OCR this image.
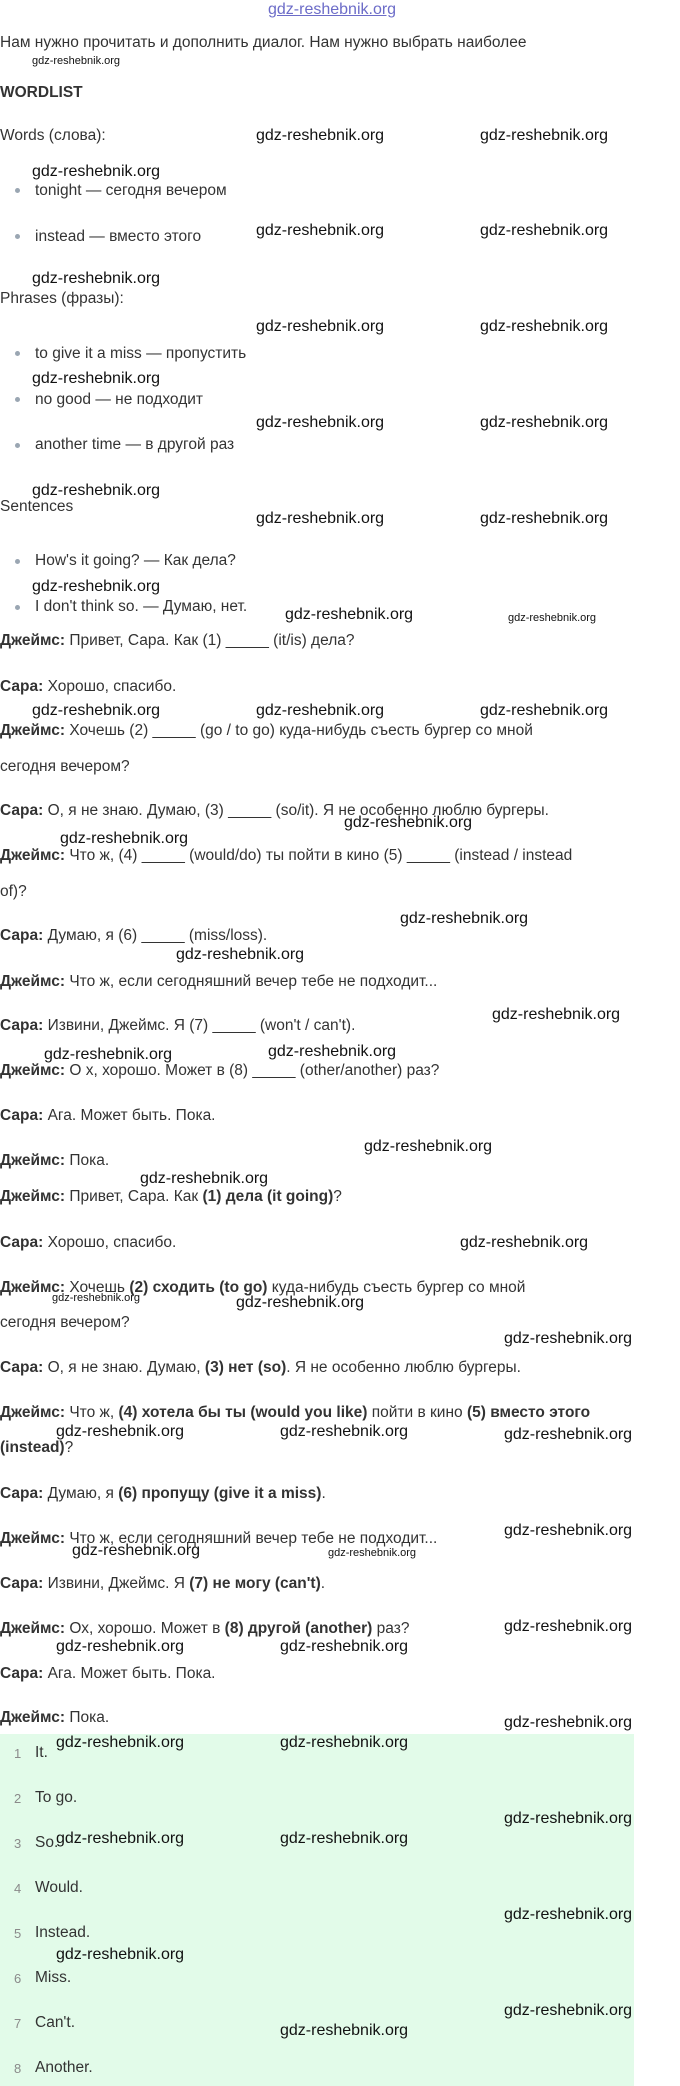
gdz-reshebnik.org
Нам нужно прочитать и дополнить диалог. Нам нужно выбрать наиболее
WORDLIST
Words (слова):
tonight — сегодня вечером
instead — вместо этого
Phrases (фразы):
to give it a miss — пропустить
no good — не подходит
another time — в другой раз
Sentences
How's it going? — Как дела?
I don't think so. — Думаю, нет.
Джеймс: Привет, Сара. Как (1) _____ (it/is) дела?
Сара: Хорошо, спасибо.
Джеймс: Хочешь (2) _____ (go / to go) куда-нибудь съесть бургер со мной
сегодня вечером?
Сара: О, я не знаю. Думаю, (3) _____ (so/it). Я не особенно люблю бургеры.
Джеймс: Что ж, (4) _____ (would/do) ты пойти в кино (5) _____ (instead / instead
of)?
Сара: Думаю, я (6) _____ (miss/loss).
Джеймс: Что ж, если сегодняшний вечер тебе не подходит...
Сара: Извини, Джеймс. Я (7) _____ (won't / can't).
Джеймс: О х, хорошо. Может в (8) _____ (other/another) раз?
Сара: Ага. Может быть. Пока.
Джеймс: Пока.
Джеймс: Привет, Сара. Как (1) дела (it going)?
Сара: Хорошо, спасибо.
Джеймс: Хочешь (2) сходить (to go) куда-нибудь съесть бургер со мной
сегодня вечером?
Сара: О, я не знаю. Думаю, (3) нет (so). Я не особенно люблю бургеры.
Джеймс: Что ж, (4) хотела бы ты (would you like) пойти в кино (5) вместо этого
(instead)?
Сара: Думаю, я (6) пропущу (give it a miss).
Джеймс: Что ж, если сегодняшний вечер тебе не подходит...
Сара: Извини, Джеймс. Я (7) не могу (can't).
Джеймс: Ох, хорошо. Может в (8) другой (another) раз?
Сара: Ага. Может быть. Пока.
Джеймс: Пока.
1 It.
2 To go.
3 So.
4 Would.
5 Instead.
6 Miss.
7 Can't.
8 Another.
gdz-reshebnik.org
gdz-reshebnik.org	gdz-reshebnik.org
gdz-reshebnik.org
gdz-reshebnik.org	gdz-reshebnik.org
gdz-reshebnik.org
gdz-reshebnik.org	gdz-reshebnik.org
gdz-reshebnik.org
gdz-reshebnik.org	gdz-reshebnik.org
gdz-reshebnik.org
gdz-reshebnik.org	gdz-reshebnik.org
gdz-reshebnik.org
gdz-reshebnik.org	gdz-reshebnik.org
gdz-reshebnik.org	gdz-reshebnik.org	gdz-reshebnik.org
gdz-reshebnik.org
gdz-reshebnik.org
gdz-reshebnik.org
gdz-reshebnik.org
gdz-reshebnik.org
gdz-reshebnik.org	gdz-reshebnik.org
gdz-reshebnik.org
gdz-reshebnik.org
gdz-reshebnik.org
gdz-reshebnik.org	gdz-reshebnik.org
gdz-reshebnik.org
gdz-reshebnik.org	gdz-reshebnik.org	gdz-reshebnik.org
gdz-reshebnik.org
gdz-reshebnik.org	gdz-reshebnik.org
gdz-reshebnik.org
gdz-reshebnik.org	gdz-reshebnik.org
gdz-reshebnik.org
gdz-reshebnik.org	gdz-reshebnik.org
gdz-reshebnik.org
gdz-reshebnik.org	gdz-reshebnik.org
gdz-reshebnik.org
gdz-reshebnik.org
gdz-reshebnik.org
gdz-reshebnik.org
